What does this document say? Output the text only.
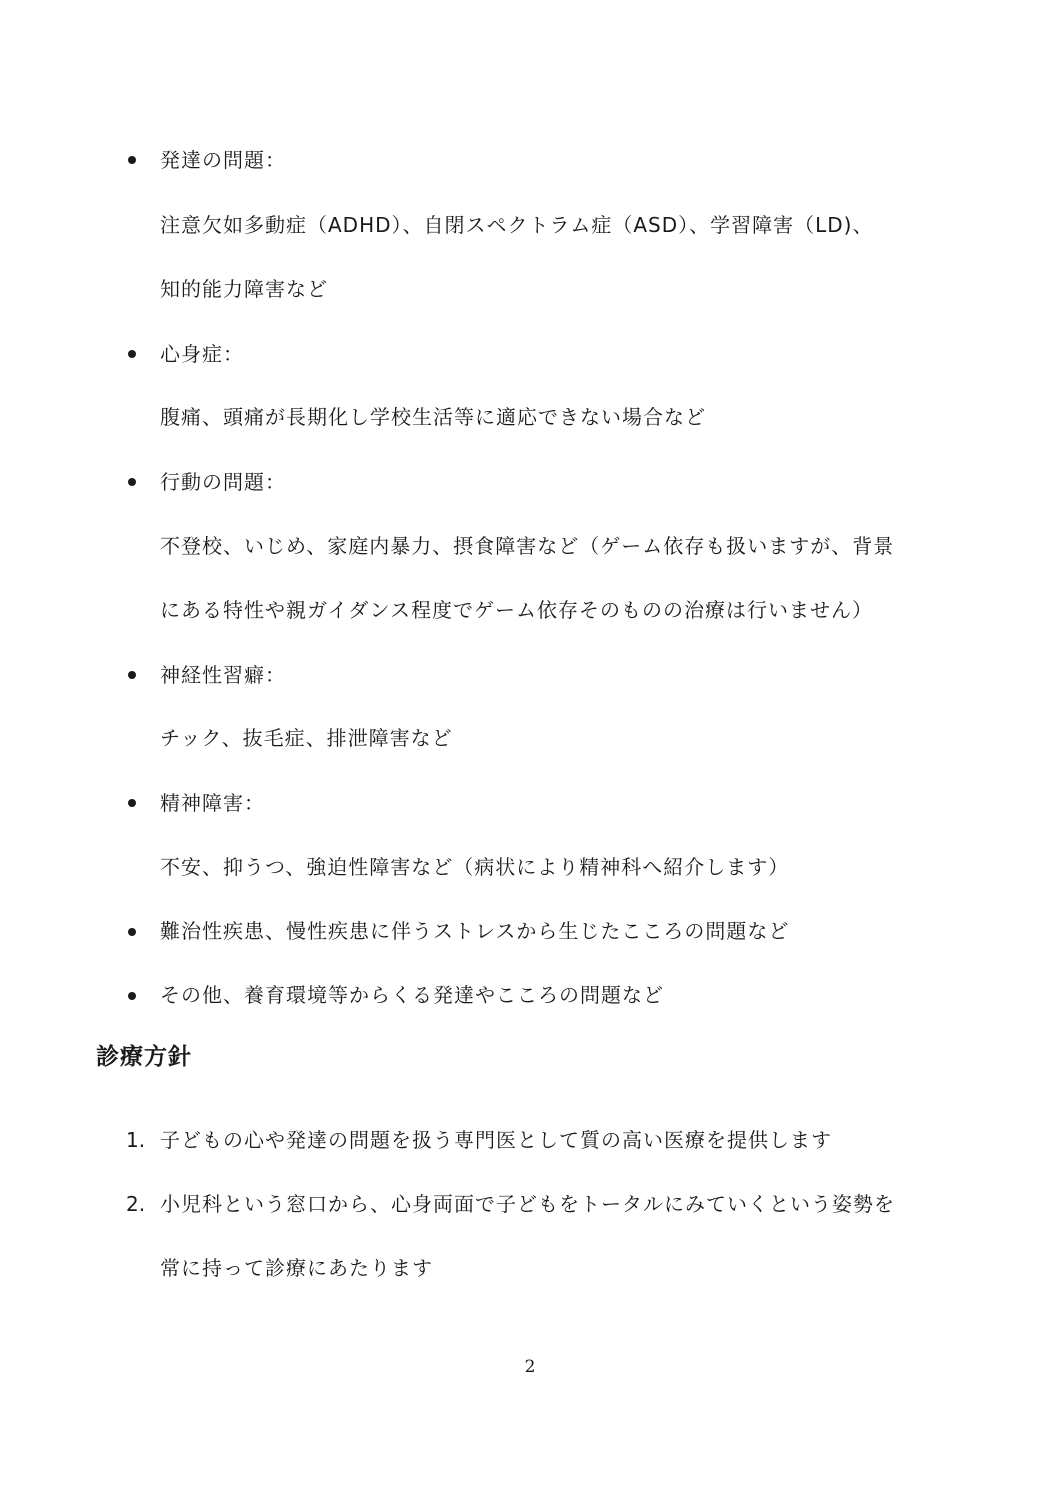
発達の問題：
注意欠如多動症（ADHD）、自閉スペクトラム症（ASD）、学習障害（LD)、
知的能力障害など
心身症：
腹痛、頭痛が長期化し学校生活等に適応できない場合など
行動の問題：
不登校、いじめ、家庭内暴力、摂食障害など（ゲーム依存も扱いますが、背景
にある特性や親ガイダンス程度でゲーム依存そのものの治療は行いません）
神経性習癖：
チック、抜毛症、排泄障害など
精神障害：
不安、抑うつ、強迫性障害など（病状により精神科へ紹介します）
難治性疾患、慢性疾患に伴うストレスから生じたこころの問題など
その他、養育環境等からくる発達やこころの問題など
診療方針
1. 子どもの心や発達の問題を扱う専門医として質の高い医療を提供します
2. 小児科という窓口から、心身両面で子どもをトータルにみていくという姿勢を
常に持って診療にあたります
2
